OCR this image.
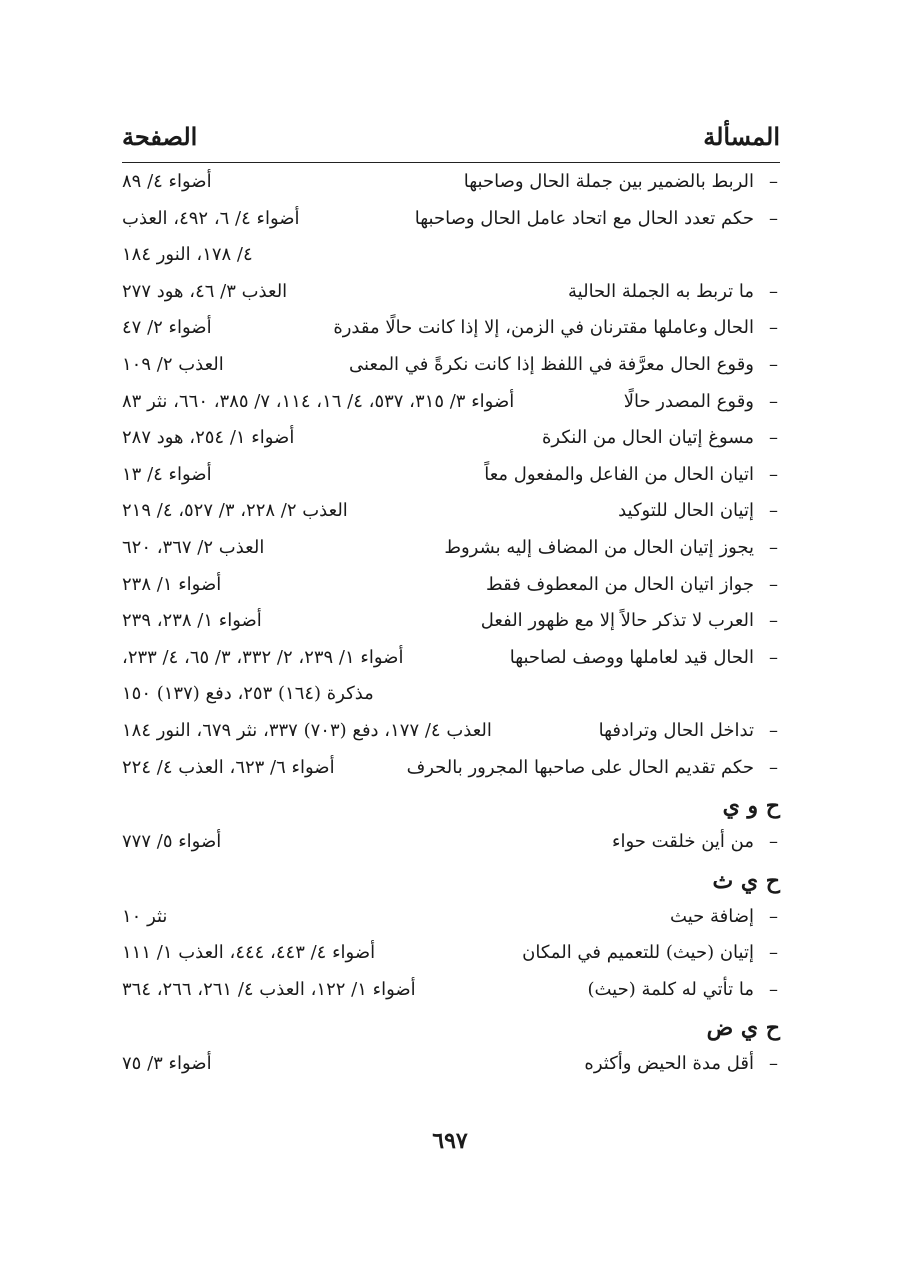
المسألة
الصفحة
–
الربط بالضمير بين جملة الحال وصاحبها
أضواء ٤/ ٨٩
–
حكم تعدد الحال مع اتحاد عامل الحال وصاحبها
أضواء ٤/ ٦، ٤٩٢، العذب
٤/ ١٧٨، النور ١٨٤
–
ما تربط به الجملة الحالية
العذب ٣/ ٤٦، هود ٢٧٧
–
الحال وعاملها مقترنان في الزمن، إلا إذا كانت حالًا مقدرة
أضواء ٢/ ٤٧
–
وقوع الحال معرَّفة في اللفظ إذا كانت نكرةً في المعنى
العذب ٢/ ١٠٩
–
وقوع المصدر حالًا
أضواء ٣/ ٣١٥، ٥٣٧، ٤/ ١٦، ١١٤، ٧/ ٣٨٥، ٦٦٠، نثر ٨٣
–
مسوغ إتيان الحال من النكرة
أضواء ١/ ٢٥٤، هود ٢٨٧
–
اتيان الحال من الفاعل والمفعول معاً
أضواء ٤/ ١٣
–
إتيان الحال للتوكيد
العذب ٢/ ٢٢٨، ٣/ ٥٢٧، ٤/ ٢١٩
–
يجوز إتيان الحال من المضاف إليه بشروط
العذب ٢/ ٣٦٧، ٦٢٠
–
جواز اتيان الحال من المعطوف فقط
أضواء ١/ ٢٣٨
–
العرب لا تذكر حالاً إلا مع ظهور الفعل
أضواء ١/ ٢٣٨، ٢٣٩
–
الحال قيد لعاملها ووصف لصاحبها
أضواء ١/ ٢٣٩، ٢/ ٣٣٢، ٣/ ٦٥، ٤/ ٢٣٣،
مذكرة (١٦٤) ٢٥٣، دفع (١٣٧) ١٥٠
–
تداخل الحال وترادفها
العذب ٤/ ١٧٧، دفع (٧٠٣) ٣٣٧، نثر ٦٧٩، النور ١٨٤
–
حكم تقديم الحال على صاحبها المجرور بالحرف
أضواء ٦/ ٦٢٣، العذب ٤/ ٢٢٤
ح و ي
–
من أين خلقت حواء
أضواء ٥/ ٧٧٧
ح ي ث
–
إضافة حيث
نثر ١٠
–
إتيان (حيث) للتعميم في المكان
أضواء ٤/ ٤٤٣، ٤٤٤، العذب ١/ ١١١
–
ما تأتي له كلمة (حيث)
أضواء ١/ ١٢٢، العذب ٤/ ٢٦١، ٢٦٦، ٣٦٤
ح ي ض
–
أقل مدة الحيض وأكثره
أضواء ٣/ ٧٥
٦٩٧
